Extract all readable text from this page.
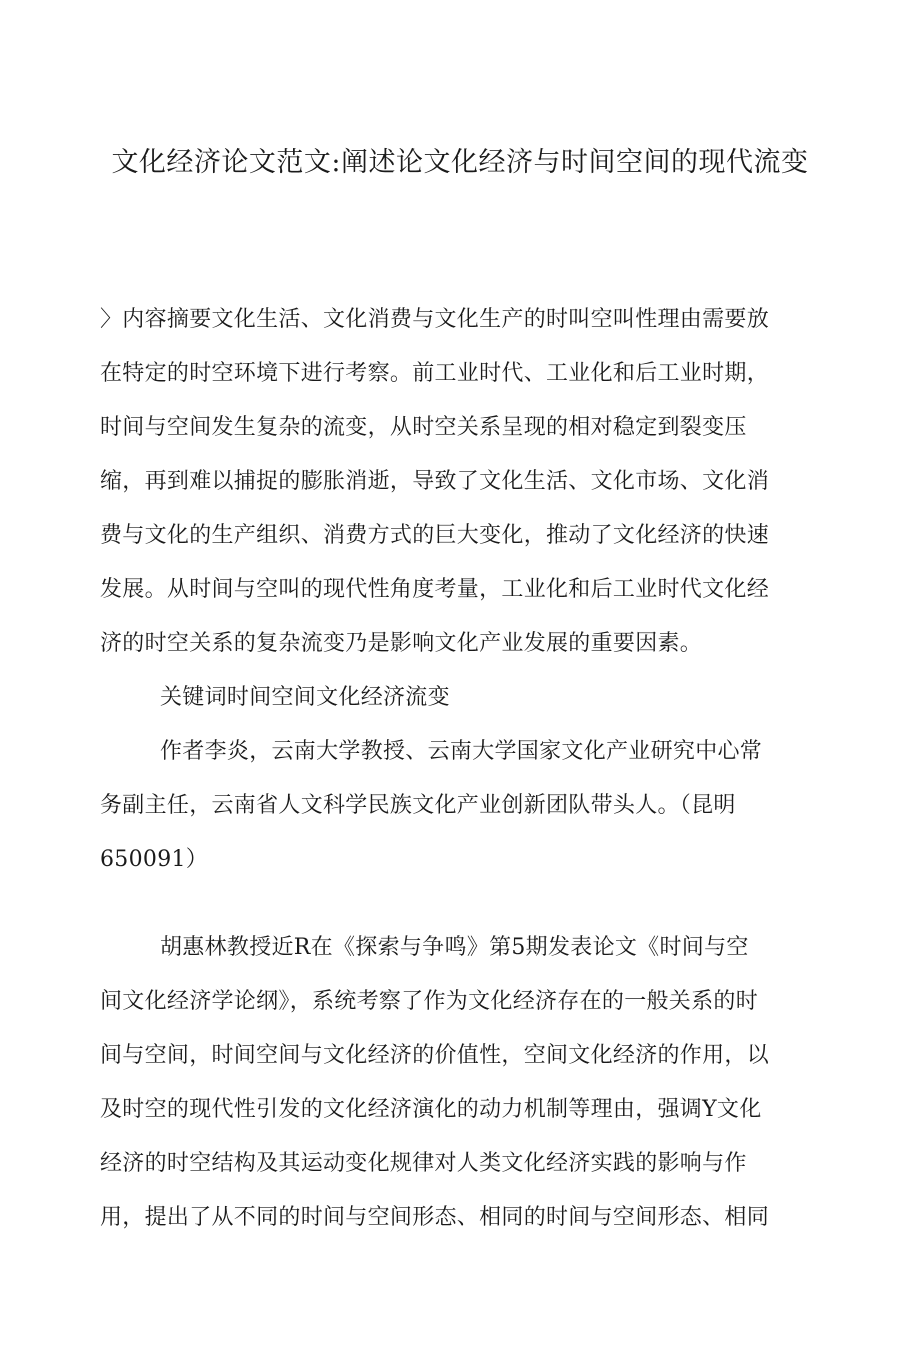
文化经济论文范文:阐述论文化经济与时间空间的现代流变
〉内容摘要文化生活、文化消费与文化生产的时叫空叫性理由需要放
在特定的时空环境下进行考察。前工业时代、工业化和后工业时期，
时间与空间发生复杂的流变，从时空关系呈现的相对稳定到裂变压
缩，再到难以捕捉的膨胀消逝，导致了文化生活、文化市场、文化消
费与文化的生产组织、消费方式的巨大变化，推动了文化经济的快速
发展。从时间与空叫的现代性角度考量，工业化和后工业时代文化经
济的时空关系的复杂流变乃是影响文化产业发展的重要因素。
关键词时间空间文化经济流变
作者李炎，云南大学教授、云南大学国家文化产业研究中心常
务副主任，云南省人文科学民族文化产业创新团队带头人。（昆明
650091）
胡惠林教授近R在《探索与争鸣》第5期发表论文《时间与空
间文化经济学论纲》，系统考察了作为文化经济存在的一般关系的时
间与空间，时间空间与文化经济的价值性，空间文化经济的作用，以
及时空的现代性引发的文化经济演化的动力机制等理由，强调Y文化
经济的时空结构及其运动变化规律对人类文化经济实践的影响与作
用，提出了从不同的时间与空间形态、相同的时间与空间形态、相同
